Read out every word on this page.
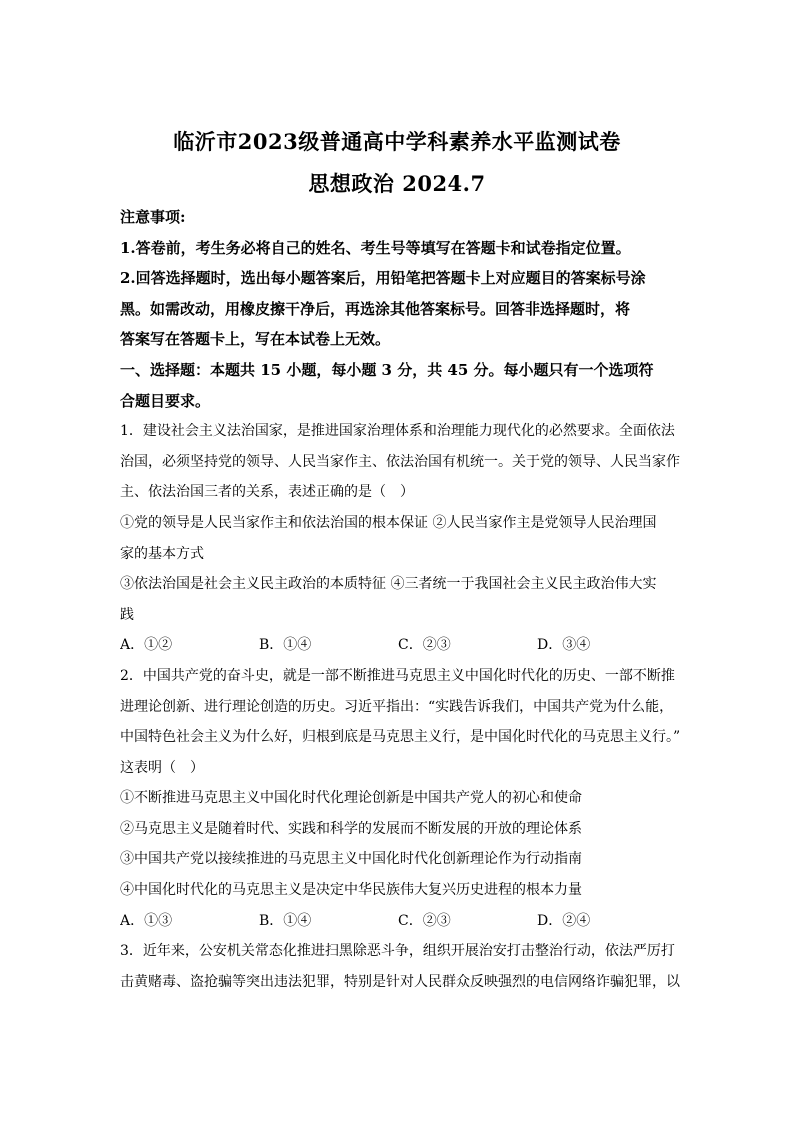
临沂市2023级普通高中学科素养水平监测试卷
思想政治 2024.7
注意事项:
1.答卷前，考生务必将自己的姓名、考生号等填写在答题卡和试卷指定位置。
2.回答选择题时，选出每小题答案后，用铅笔把答题卡上对应题目的答案标号涂
黑。如需改动，用橡皮擦干净后，再选涂其他答案标号。回答非选择题时，将
答案写在答题卡上，写在本试卷上无效。
一、选择题：本题共 15 小题，每小题 3 分，共 45 分。每小题只有一个选项符
合题目要求。
1．建设社会主义法治国家，是推进国家治理体系和治理能力现代化的必然要求。全面依法
治国，必须坚持党的领导、人民当家作主、依法治国有机统一。关于党的领导、人民当家作
主、依法治国三者的关系，表述正确的是（　）
①党的领导是人民当家作主和依法治国的根本保证 ②人民当家作主是党领导人民治理国
家的基本方式
③依法治国是社会主义民主政治的本质特征 ④三者统一于我国社会主义民主政治伟大实
践
A．①②	B．①④	C．②③	D．③④
2．中国共产党的奋斗史，就是一部不断推进马克思主义中国化时代化的历史、一部不断推
进理论创新、进行理论创造的历史。习近平指出：“实践告诉我们，中国共产党为什么能，
中国特色社会主义为什么好，归根到底是马克思主义行，是中国化时代化的马克思主义行。”
这表明（　）
①不断推进马克思主义中国化时代化理论创新是中国共产党人的初心和使命
②马克思主义是随着时代、实践和科学的发展而不断发展的开放的理论体系
③中国共产党以接续推进的马克思主义中国化时代化创新理论作为行动指南
④中国化时代化的马克思主义是决定中华民族伟大复兴历史进程的根本力量
A．①③	B．①④	C．②③	D．②④
3．近年来，公安机关常态化推进扫黑除恶斗争，组织开展治安打击整治行动，依法严厉打
击黄赌毒、盗抢骗等突出违法犯罪，特别是针对人民群众反映强烈的电信网络诈骗犯罪，以
